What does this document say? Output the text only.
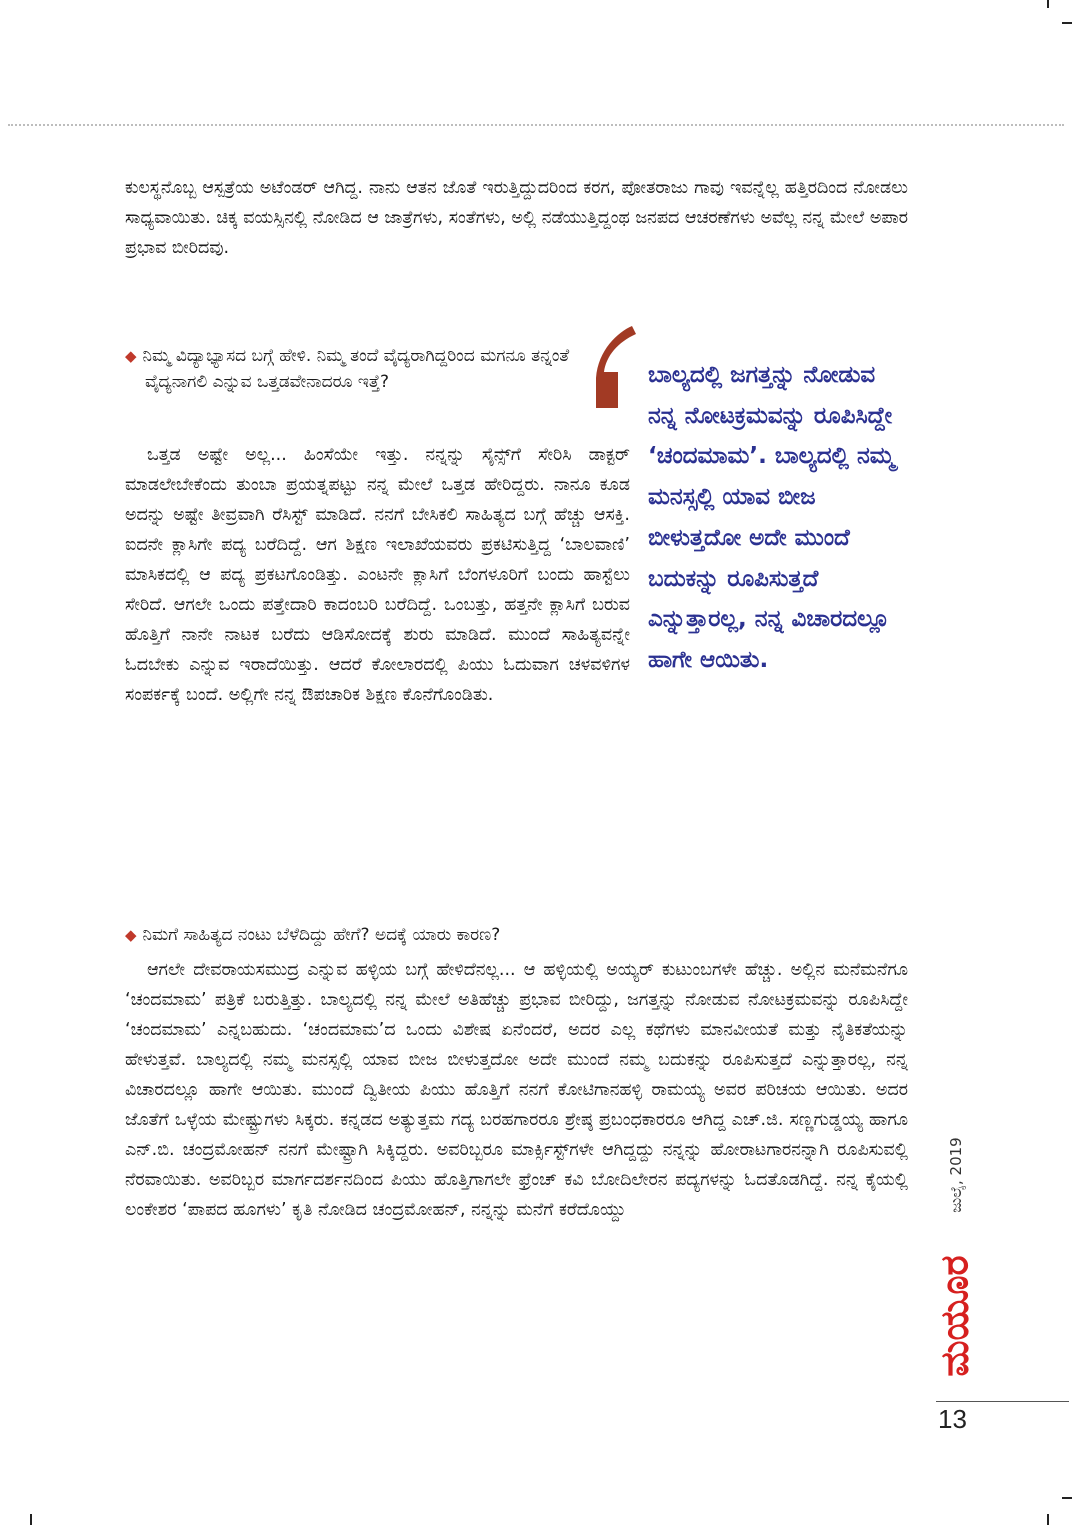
ಕುಲಸ್ಥನೊಬ್ಬ ಆಸ್ಪತ್ರೆಯ ಅಟೆಂಡರ್ ಆಗಿದ್ದ. ನಾನು ಆತನ ಜೊತೆ ಇರುತ್ತಿದ್ದುದರಿಂದ ಕರಗ, ಪೋತರಾಜು ಗಾವು ಇವನ್ನೆಲ್ಲ ಹತ್ತಿರದಿಂದ ನೋಡಲು ಸಾಧ್ಯವಾಯಿತು. ಚಿಕ್ಕ ವಯಸ್ಸಿನಲ್ಲಿ ನೋಡಿದ ಆ ಜಾತ್ರೆಗಳು, ಸಂತೆಗಳು, ಅಲ್ಲಿ ನಡೆಯುತ್ತಿದ್ದಂಥ ಜನಪದ ಆಚರಣೆಗಳು ಅವೆಲ್ಲ ನನ್ನ ಮೇಲೆ ಅಪಾರ ಪ್ರಭಾವ ಬೀರಿದವು.

◆ ನಿಮ್ಮ ವಿದ್ಯಾಭ್ಯಾಸದ ಬಗ್ಗೆ ಹೇಳಿ. ನಿಮ್ಮ ತಂದೆ ವೈದ್ಯರಾಗಿದ್ದರಿಂದ ಮಗನೂ ತನ್ನಂತೆ ವೈದ್ಯನಾಗಲಿ ಎನ್ನುವ ಒತ್ತಡವೇನಾದರೂ ಇತ್ತೆ?

ಒತ್ತಡ ಅಷ್ಟೇ ಅಲ್ಲ... ಹಿಂಸೆಯೇ ಇತ್ತು. ನನ್ನನ್ನು ಸೈನ್ಸ್‌ಗೆ ಸೇರಿಸಿ ಡಾಕ್ಟರ್ ಮಾಡಲೇಬೇಕೆಂದು ತುಂಬಾ ಪ್ರಯತ್ನಪಟ್ಟು ನನ್ನ ಮೇಲೆ ಒತ್ತಡ ಹೇರಿದ್ದರು. ನಾನೂ ಕೂಡ ಅದನ್ನು ಅಷ್ಟೇ ತೀವ್ರವಾಗಿ ರೆಸಿಸ್ಟ್ ಮಾಡಿದೆ. ನನಗೆ ಬೇಸಿಕಲಿ ಸಾಹಿತ್ಯದ ಬಗ್ಗೆ ಹೆಚ್ಚು ಆಸಕ್ತಿ. ಐದನೇ ಕ್ಲಾಸಿಗೇ ಪದ್ಯ ಬರೆದಿದ್ದೆ. ಆಗ ಶಿಕ್ಷಣ ಇಲಾಖೆಯವರು ಪ್ರಕಟಿಸುತ್ತಿದ್ದ ‘ಬಾಲವಾಣಿ’ ಮಾಸಿಕದಲ್ಲಿ ಆ ಪದ್ಯ ಪ್ರಕಟಗೊಂಡಿತ್ತು. ಎಂಟನೇ ಕ್ಲಾಸಿಗೆ ಬೆಂಗಳೂರಿಗೆ ಬಂದು ಹಾಸ್ಟೆಲು ಸೇರಿದೆ. ಆಗಲೇ ಒಂದು ಪತ್ತೇದಾರಿ ಕಾದಂಬರಿ ಬರೆದಿದ್ದೆ. ಒಂಬತ್ತು, ಹತ್ತನೇ ಕ್ಲಾಸಿಗೆ ಬರುವ ಹೊತ್ತಿಗೆ ನಾನೇ ನಾಟಕ ಬರೆದು ಆಡಿಸೋದಕ್ಕೆ ಶುರು ಮಾಡಿದೆ. ಮುಂದೆ ಸಾಹಿತ್ಯವನ್ನೇ ಓದಬೇಕು ಎನ್ನುವ ಇರಾದೆಯಿತ್ತು. ಆದರೆ ಕೋಲಾರದಲ್ಲಿ ಪಿಯು ಓದುವಾಗ ಚಳವಳಿಗಳ ಸಂಪರ್ಕಕ್ಕೆ ಬಂದೆ. ಅಲ್ಲಿಗೇ ನನ್ನ ಔಪಚಾರಿಕ ಶಿಕ್ಷಣ ಕೊನೆಗೊಂಡಿತು.

ಬಾಲ್ಯದಲ್ಲಿ ಜಗತ್ತನ್ನು ನೋಡುವ ನನ್ನ ನೋಟಕ್ರಮವನ್ನು ರೂಪಿಸಿದ್ದೇ ‘ಚಂದಮಾಮ’. ಬಾಲ್ಯದಲ್ಲಿ ನಮ್ಮ ಮನಸ್ಸಲ್ಲಿ ಯಾವ ಬೀಜ ಬೀಳುತ್ತದೋ ಅದೇ ಮುಂದೆ ಬದುಕನ್ನು ರೂಪಿಸುತ್ತದೆ ಎನ್ನುತ್ತಾರಲ್ಲ, ನನ್ನ ವಿಚಾರದಲ್ಲೂ ಹಾಗೇ ಆಯಿತು.

◆ ನಿಮಗೆ ಸಾಹಿತ್ಯದ ನಂಟು ಬೆಳೆದಿದ್ದು ಹೇಗೆ? ಅದಕ್ಕೆ ಯಾರು ಕಾರಣ?

ಆಗಲೇ ದೇವರಾಯಸಮುದ್ರ ಎನ್ನುವ ಹಳ್ಳಿಯ ಬಗ್ಗೆ ಹೇಳಿದೆನಲ್ಲ... ಆ ಹಳ್ಳಿಯಲ್ಲಿ ಅಯ್ಯರ್ ಕುಟುಂಬಗಳೇ ಹೆಚ್ಚು. ಅಲ್ಲಿನ ಮನೆಮನೆಗೂ ‘ಚಂದಮಾಮ’ ಪತ್ರಿಕೆ ಬರುತ್ತಿತ್ತು. ಬಾಲ್ಯದಲ್ಲಿ ನನ್ನ ಮೇಲೆ ಅತಿಹೆಚ್ಚು ಪ್ರಭಾವ ಬೀರಿದ್ದು, ಜಗತ್ತನ್ನು ನೋಡುವ ನೋಟಕ್ರಮವನ್ನು ರೂಪಿಸಿದ್ದೇ ‘ಚಂದಮಾಮ’ ಎನ್ನಬಹುದು. ‘ಚಂದಮಾಮ’ದ ಒಂದು ವಿಶೇಷ ಏನೆಂದರೆ, ಅದರ ಎಲ್ಲ ಕಥೆಗಳು ಮಾನವೀಯತೆ ಮತ್ತು ನೈತಿಕತೆಯನ್ನು ಹೇಳುತ್ತವೆ. ಬಾಲ್ಯದಲ್ಲಿ ನಮ್ಮ ಮನಸ್ಸಲ್ಲಿ ಯಾವ ಬೀಜ ಬೀಳುತ್ತದೋ ಅದೇ ಮುಂದೆ ನಮ್ಮ ಬದುಕನ್ನು ರೂಪಿಸುತ್ತದೆ ಎನ್ನುತ್ತಾರಲ್ಲ, ನನ್ನ ವಿಚಾರದಲ್ಲೂ ಹಾಗೇ ಆಯಿತು. ಮುಂದೆ ದ್ವಿತೀಯ ಪಿಯು ಹೊತ್ತಿಗೆ ನನಗೆ ಕೋಟಿಗಾನಹಳ್ಳಿ ರಾಮಯ್ಯ ಅವರ ಪರಿಚಯ ಆಯಿತು. ಅದರ ಜೊತೆಗೆ ಒಳ್ಳೆಯ ಮೇಷ್ಟ್ರುಗಳು ಸಿಕ್ಕರು. ಕನ್ನಡದ ಅತ್ಯುತ್ತಮ ಗದ್ಯ ಬರಹಗಾರರೂ ಶ್ರೇಷ್ಠ ಪ್ರಬಂಧಕಾರರೂ ಆಗಿದ್ದ ಎಚ್.ಜಿ. ಸಣ್ಣಗುಡ್ಡಯ್ಯ ಹಾಗೂ ಎನ್.ಬಿ. ಚಂದ್ರಮೋಹನ್ ನನಗೆ ಮೇಷ್ಟ್ರಾಗಿ ಸಿಕ್ಕಿದ್ದರು. ಅವರಿಬ್ಬರೂ ಮಾರ್ಕ್ಸಿಸ್ಟ್‌ಗಳೇ ಆಗಿದ್ದದ್ದು ನನ್ನನ್ನು ಹೋರಾಟಗಾರನನ್ನಾಗಿ ರೂಪಿಸುವಲ್ಲಿ ನೆರವಾಯಿತು. ಅವರಿಬ್ಬರ ಮಾರ್ಗದರ್ಶನದಿಂದ ಪಿಯು ಹೊತ್ತಿಗಾಗಲೇ ಫ್ರೆಂಚ್ ಕವಿ ಬೋದಿಲೇರನ ಪದ್ಯಗಳನ್ನು ಓದತೊಡಗಿದ್ದೆ. ನನ್ನ ಕೈಯಲ್ಲಿ ಲಂಕೇಶರ ‘ಪಾಪದ ಹೂಗಳು’ ಕೃತಿ ನೋಡಿದ ಚಂದ್ರಮೋಹನ್, ನನ್ನನ್ನು ಮನೆಗೆ ಕರೆದೊಯ್ದು	ಜುಲೈ, 2019
ಮಯೂರ
13
